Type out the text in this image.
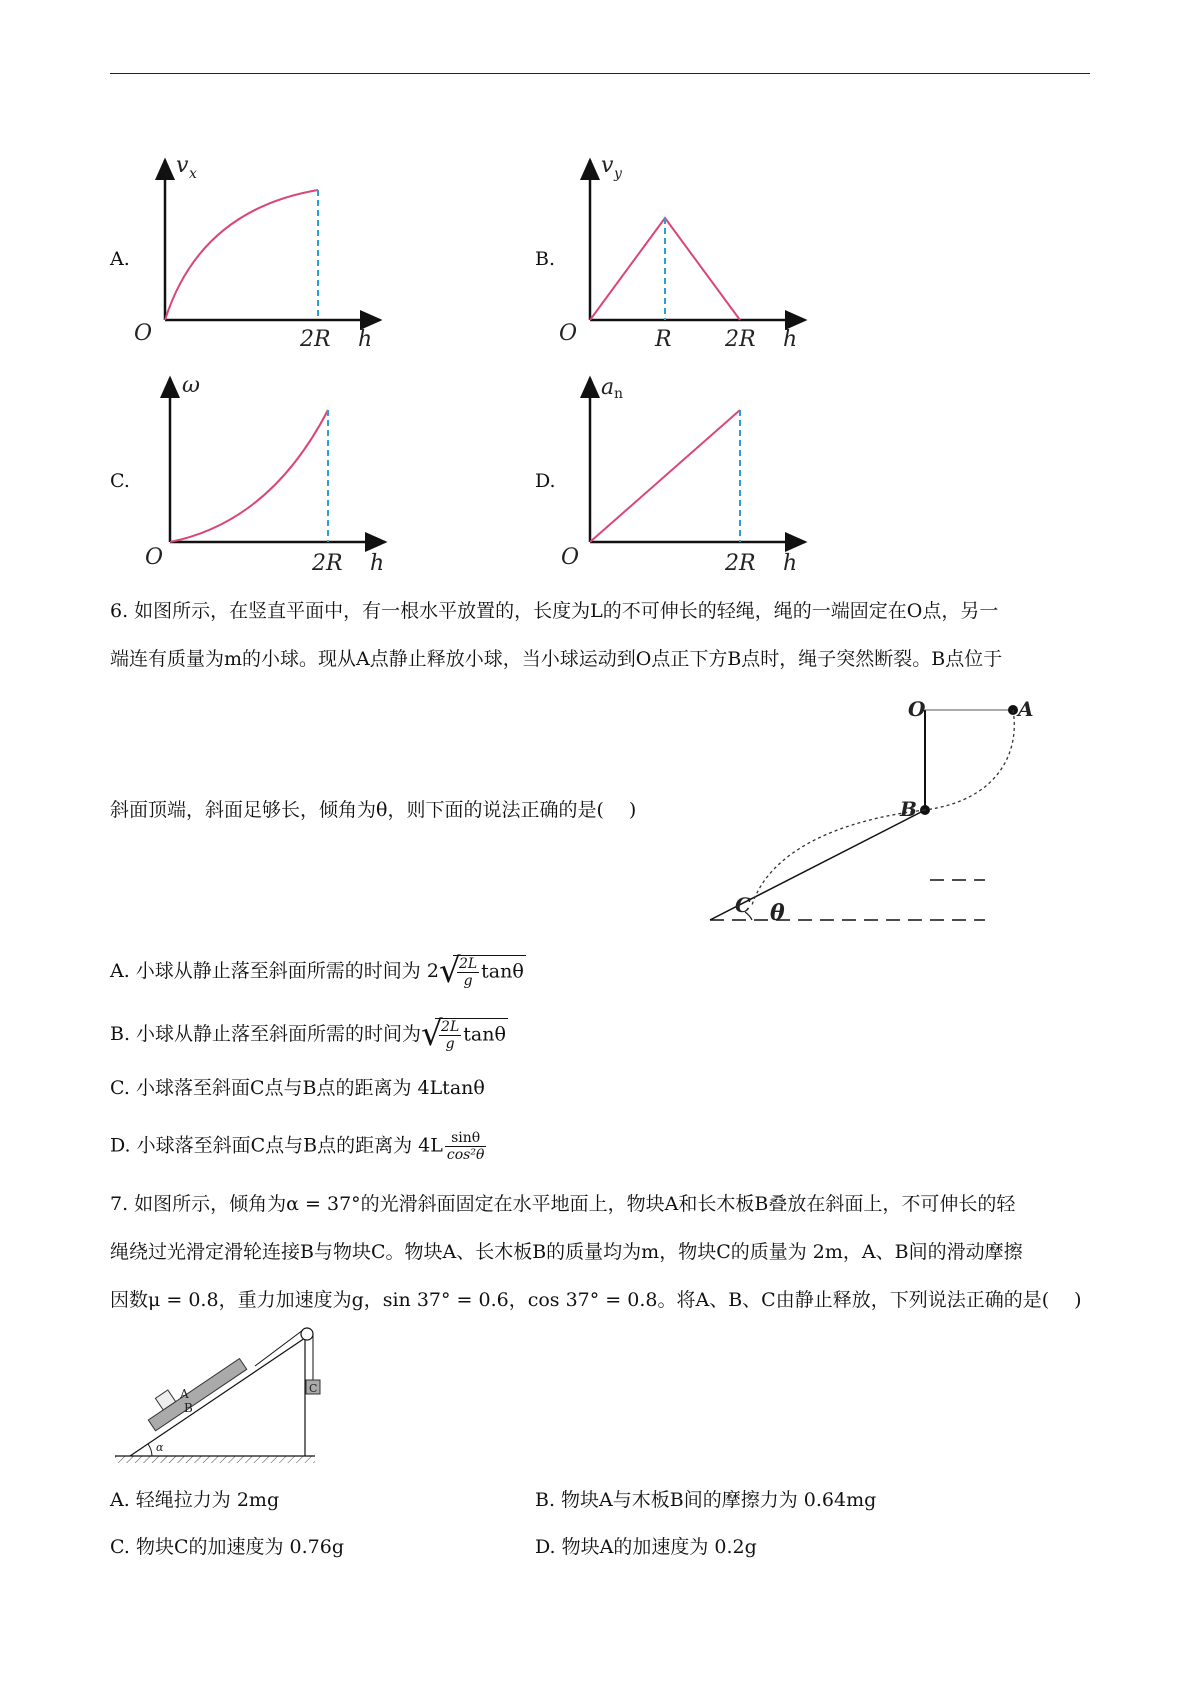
A.
v x
O	2R h
B.
v y
O	R 2R h
C.
ω
O	2R h
D.
a n
O	2R h
6. 如图所示，在竖直平面中，有一根水平放置的，长度为L的不可伸长的轻绳，绳的一端固定在O点，另一
端连有质量为m的小球。现从A点静止释放小球，当小球运动到O点正下方B点时，绳子突然断裂。B点位于
斜面顶端，斜面足够长，倾角为θ，则下面的说法正确的是(　 )
O	A
B
C θ
A. 小球从静止落至斜面所需的时间为 2 √
$\frac{2L}{g}$ tanθ
B. 小球从静止落至斜面所需的时间为 √
$\frac{2L}{g}$ tanθ
C. 小球落至斜面C点与B点的距离为 4Ltanθ
D. 小球落至斜面C点与B点的距离为 $4L \frac{\sin\theta}{\text{cos²θ}}$
7. 如图所示，倾角为α = 37°的光滑斜面固定在水平地面上，物块A和长木板B叠放在斜面上，不可伸长的轻
绳绕过光滑定滑轮连接B与物块C。物块A、长木板B的质量均为m，物块C的质量为 2m，A、B间的滑动摩擦
因数μ = 0.8，重力加速度为g，sin 37° = 0.6，cos 37° = 0.8。将A、B、C由静止释放，下列说法正确的是(　 )
α
A
B
C
A. 轻绳拉力为 2mg	B. 物块A与木板B间的摩擦力为 0.64mg
C. 物块C的加速度为 0.76g	D. 物块A的加速度为 0.2g
